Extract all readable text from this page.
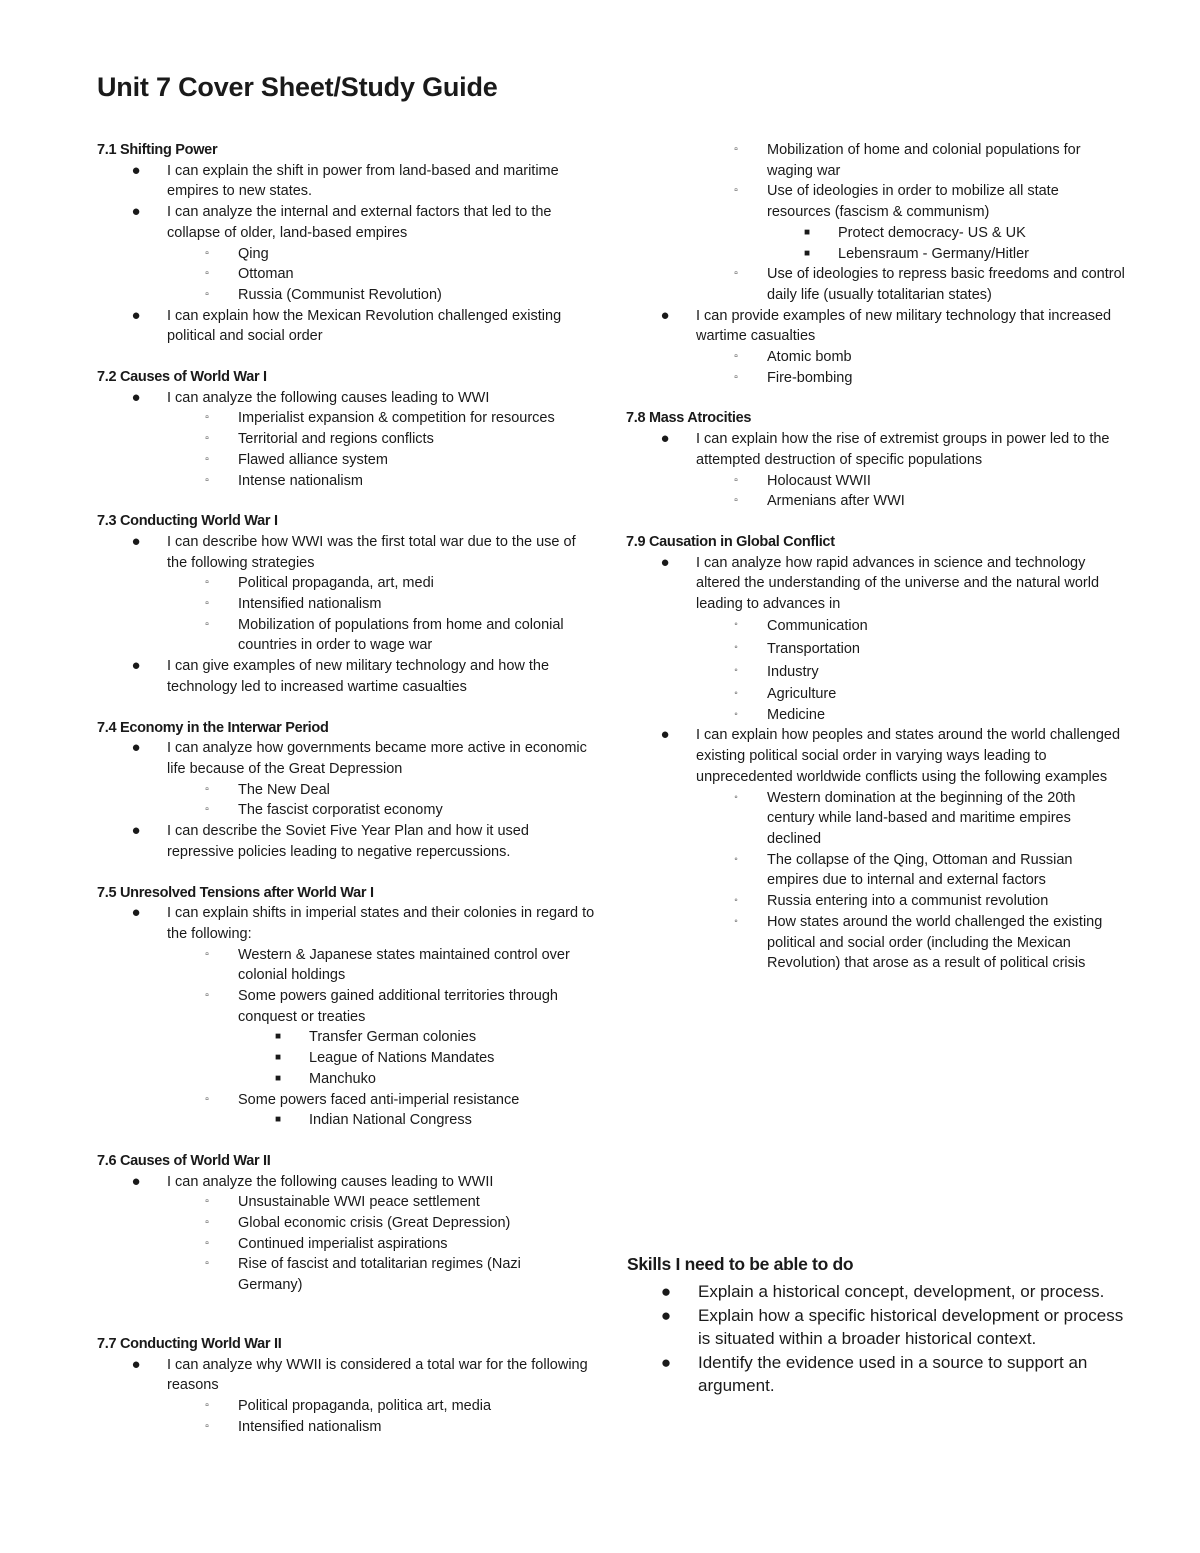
Unit 7 Cover Sheet/Study Guide

7.1 Shifting Power

● I can explain the shift in power from land-based and maritime empires to new states.

● I can analyze the internal and external factors that led to the collapse of older, land-based empires

▫	Qing

▫	Ottoman

▫	Russia (Communist Revolution)

● I can explain how the Mexican Revolution challenged existing political and social order

7.2 Causes of World War I

● I can analyze the following causes leading to WWI

▫	Imperialist expansion & competition for resources

▫	Territorial and regions conflicts

▫	Flawed alliance system

▫	Intense nationalism

7.3 Conducting World War I

● I can describe how WWI was the first total war due to the use of the following strategies

▫	Political propaganda, art, medi

▫	Intensified nationalism

▫	Mobilization of populations from home and colonial countries in order to wage war

● I can give examples of new military technology and how the technology led to increased wartime casualties

7.4 Economy in the Interwar Period

● I can analyze how governments became more active in economic life because of the Great Depression

▫	The New Deal

▫	The fascist corporatist economy

● I can describe the Soviet Five Year Plan and how it used repressive policies leading to negative repercussions.

7.5 Unresolved Tensions after World War I

● I can explain shifts in imperial states and their colonies in regard to the following:

▫	Western & Japanese states maintained control over colonial holdings

▫	Some powers gained additional territories through conquest or treaties

■ Transfer German colonies

■ League of Nations Mandates

■ Manchuko

▫	Some powers faced anti-imperial resistance

■ Indian National Congress

7.6 Causes of World War II

● I can analyze the following causes leading to WWII

▫	Unsustainable WWI peace settlement

▫	Global economic crisis (Great Depression)

▫	Continued imperialist aspirations

▫	Rise of fascist and totalitarian regimes (Nazi Germany)

7.7 Conducting World War II

● I can analyze why WWII is considered a total war for the following reasons

▫	Political propaganda, politica art, media

▫	Intensified nationalism

▫	Mobilization of home and colonial populations for waging war

▫	Use of ideologies in order to mobilize all state resources (fascism & communism)

■ Protect democracy- US & UK

■ Lebensraum - Germany/Hitler

▫	Use of ideologies to repress basic freedoms and control daily life (usually totalitarian states)

● I can provide examples of new military technology that increased wartime casualties

▫	Atomic bomb

▫	Fire-bombing

7.8 Mass Atrocities

● I can explain how the rise of extremist groups in power led to the attempted destruction of specific populations

▫	Holocaust WWII

▫	Armenians after WWI

7.9 Causation in Global Conflict

● I can analyze how rapid advances in science and technology altered the understanding of the universe and the natural world leading to advances in

◦	Communication

◦	Transportation

◦	Industry

◦	Agriculture

◦	Medicine

● I can explain how peoples and states around the world challenged existing political social order in varying ways leading to unprecedented worldwide conflicts using the following examples

◦	Western domination at the beginning of the 20th century while land-based and maritime empires declined

◦	The collapse of the Qing, Ottoman and Russian empires due to internal and external factors

◦	Russia entering into a communist revolution

◦	How states around the world challenged the existing political and social order (including the Mexican Revolution) that arose as a result of political crisis

Skills I need to be able to do

● Explain a historical concept, development, or process.

● Explain how a specific historical development or process is situated within a broader historical context.

● Identify the evidence used in a source to support an argument.
